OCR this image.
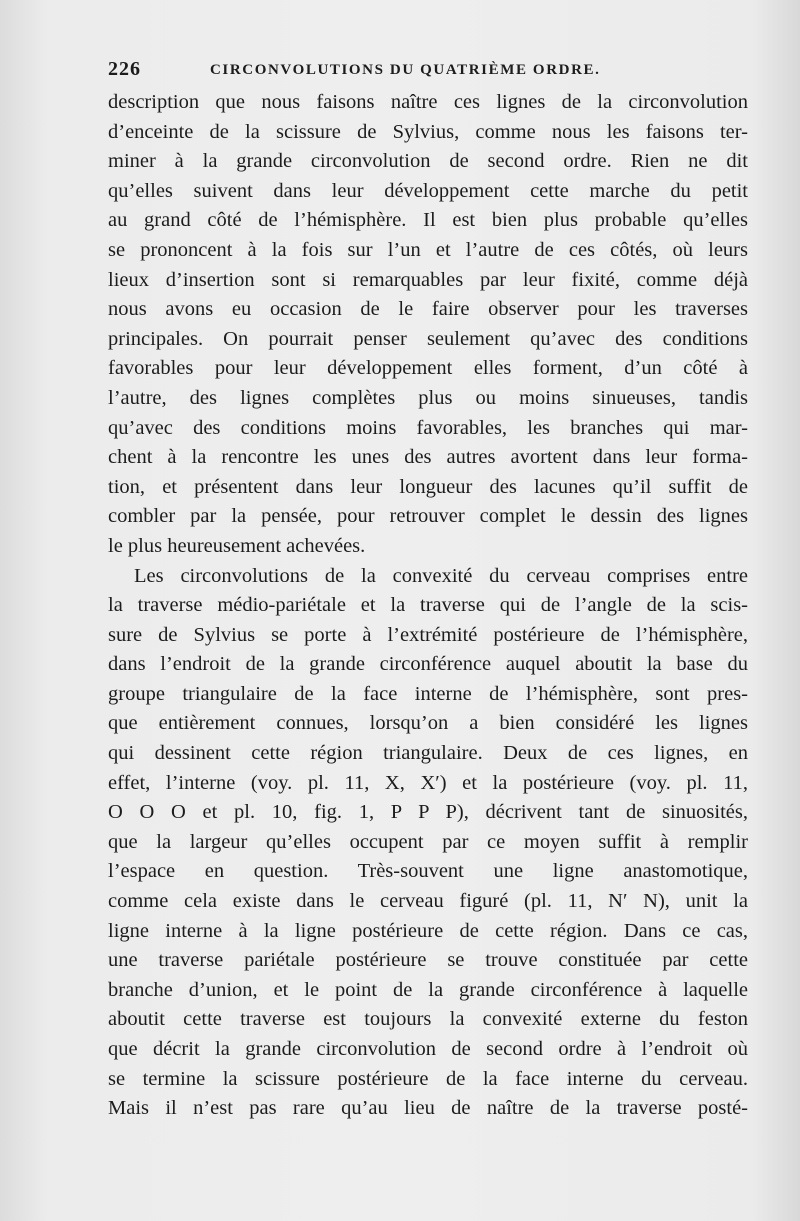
226	CIRCONVOLUTIONS DU QUATRIÈME ORDRE.
description que nous faisons naître ces lignes de la circonvolution
d’enceinte de la scissure de Sylvius, comme nous les faisons ter-
miner à la grande circonvolution de second ordre. Rien ne dit
qu’elles suivent dans leur développement cette marche du petit
au grand côté de l’hémisphère. Il est bien plus probable qu’elles
se prononcent à la fois sur l’un et l’autre de ces côtés, où leurs
lieux d’insertion sont si remarquables par leur fixité, comme déjà
nous avons eu occasion de le faire observer pour les traverses
principales. On pourrait penser seulement qu’avec des conditions
favorables pour leur développement elles forment, d’un côté à
l’autre, des lignes complètes plus ou moins sinueuses, tandis
qu’avec des conditions moins favorables, les branches qui mar-
chent à la rencontre les unes des autres avortent dans leur forma-
tion, et présentent dans leur longueur des lacunes qu’il suffit de
combler par la pensée, pour retrouver complet le dessin des lignes
le plus heureusement achevées.
Les circonvolutions de la convexité du cerveau comprises entre
la traverse médio-pariétale et la traverse qui de l’angle de la scis-
sure de Sylvius se porte à l’extrémité postérieure de l’hémisphère,
dans l’endroit de la grande circonférence auquel aboutit la base du
groupe triangulaire de la face interne de l’hémisphère, sont pres-
que entièrement connues, lorsqu’on a bien considéré les lignes
qui dessinent cette région triangulaire. Deux de ces lignes, en
effet, l’interne (voy. pl. 11, X, X′) et la postérieure (voy. pl. 11,
O O O et pl. 10, fig. 1, P P P), décrivent tant de sinuosités,
que la largeur qu’elles occupent par ce moyen suffit à remplir
l’espace en question. Très-souvent une ligne anastomotique,
comme cela existe dans le cerveau figuré (pl. 11, N′ N), unit la
ligne interne à la ligne postérieure de cette région. Dans ce cas,
une traverse pariétale postérieure se trouve constituée par cette
branche d’union, et le point de la grande circonférence à laquelle
aboutit cette traverse est toujours la convexité externe du feston
que décrit la grande circonvolution de second ordre à l’endroit où
se termine la scissure postérieure de la face interne du cerveau.
Mais il n’est pas rare qu’au lieu de naître de la traverse posté-
